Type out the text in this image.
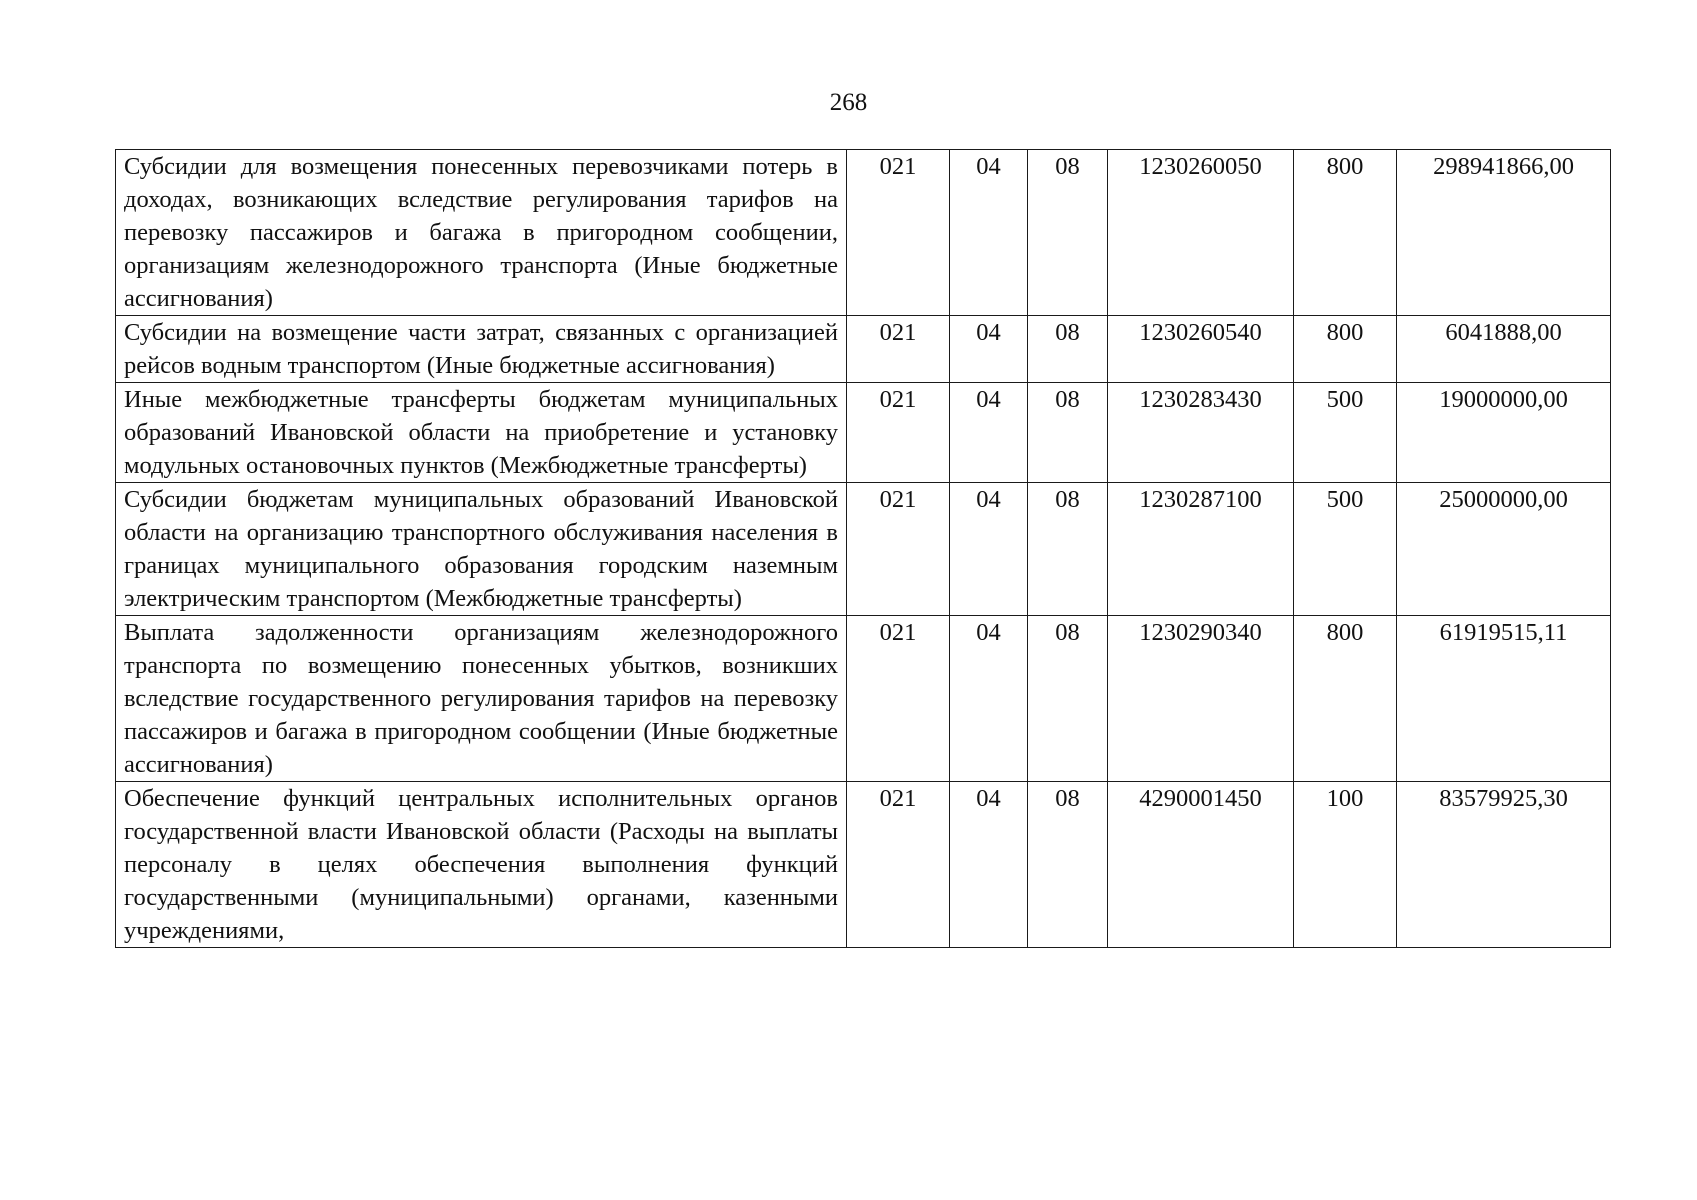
268
Субсидии для возмещения понесенных перевозчиками потерь в доходах, возникающих вследствие регулирования тарифов на перевозку пассажиров и багажа в пригородном сообщении, организациям железнодорожного транспорта (Иные бюджетные ассигнования)	021	04	08	1230260050	800	298941866,00
Субсидии на возмещение части затрат, связанных с организацией рейсов водным транспортом (Иные бюджетные ассигнования)	021	04	08	1230260540	800	6041888,00
Иные межбюджетные трансферты бюджетам муниципальных образований Ивановской области на приобретение и установку модульных остановочных пунктов (Межбюджетные трансферты)	021	04	08	1230283430	500	19000000,00
Субсидии бюджетам муниципальных образований Ивановской области на организацию транспортного обслуживания населения в границах муниципального образования городским наземным электрическим транспортом (Межбюджетные трансферты)	021	04	08	1230287100	500	25000000,00
Выплата задолженности организациям железнодорожного транспорта по возмещению понесенных убытков, возникших вследствие государственного регулирования тарифов на перевозку пассажиров и багажа в пригородном сообщении (Иные бюджетные ассигнования)	021	04	08	1230290340	800	61919515,11
Обеспечение функций центральных исполнительных органов государственной власти Ивановской области (Расходы на выплаты персоналу в целях обеспечения выполнения функций государственными (муниципальными) органами, казенными учреждениями,	021	04	08	4290001450	100	83579925,30
